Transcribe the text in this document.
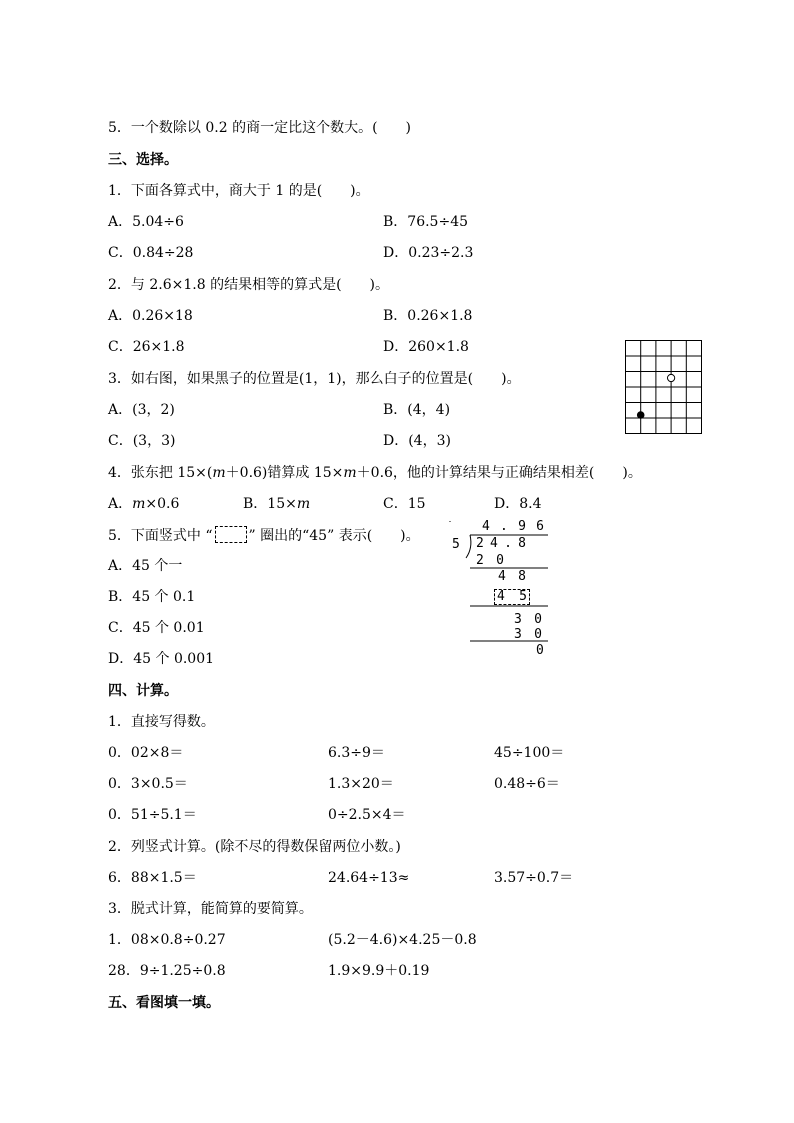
5．一个数除以 0.2 的商一定比这个数大。(　　)
三、选择。
1．下面各算式中，商大于 1 的是(　　)。
A．5.04÷6	B．76.5÷45
C．0.84÷28	D．0.23÷2.3
2．与 2.6×1.8 的结果相等的算式是(　　)。
A．0.26×18	B．0.26×1.8
C．26×1.8	D．260×1.8
3．如右图，如果黑子的位置是(1，1)，那么白子的位置是(　　)。
A．(3，2)	B．(4，4)
C．(3，3)	D．(4，3)
4．张东把 15×(m＋0.6)错算成 15×m＋0.6，他的计算结果与正确结果相差(　　)。
A．m×0.6	B．15×m	C．15	D．8.4
5．下面竖式中 “	” 圈出的“45” 表示(　　)。
A．45 个一
B．45 个 0.1
C．45 个 0.01
D．45 个 0.001
4 . 9 6
5 2 4 . 8
2 0
4 8
4 5
3 0
3 0
0
四、计算。
1．直接写得数。
0．02×8＝	6.3÷9＝	45÷100＝
0．3×0.5＝	1.3×20＝	0.48÷6＝
0．51÷5.1＝	0÷2.5×4＝
2．列竖式计算。(除不尽的得数保留两位小数。)
6．88×1.5＝	24.64÷13≈	3.57÷0.7＝
3．脱式计算，能简算的要简算。
1．08×0.8÷0.27	(5.2－4.6)×4.25－0.8
28．9÷1.25÷0.8	1.9×9.9＋0.19
五、看图填一填。
